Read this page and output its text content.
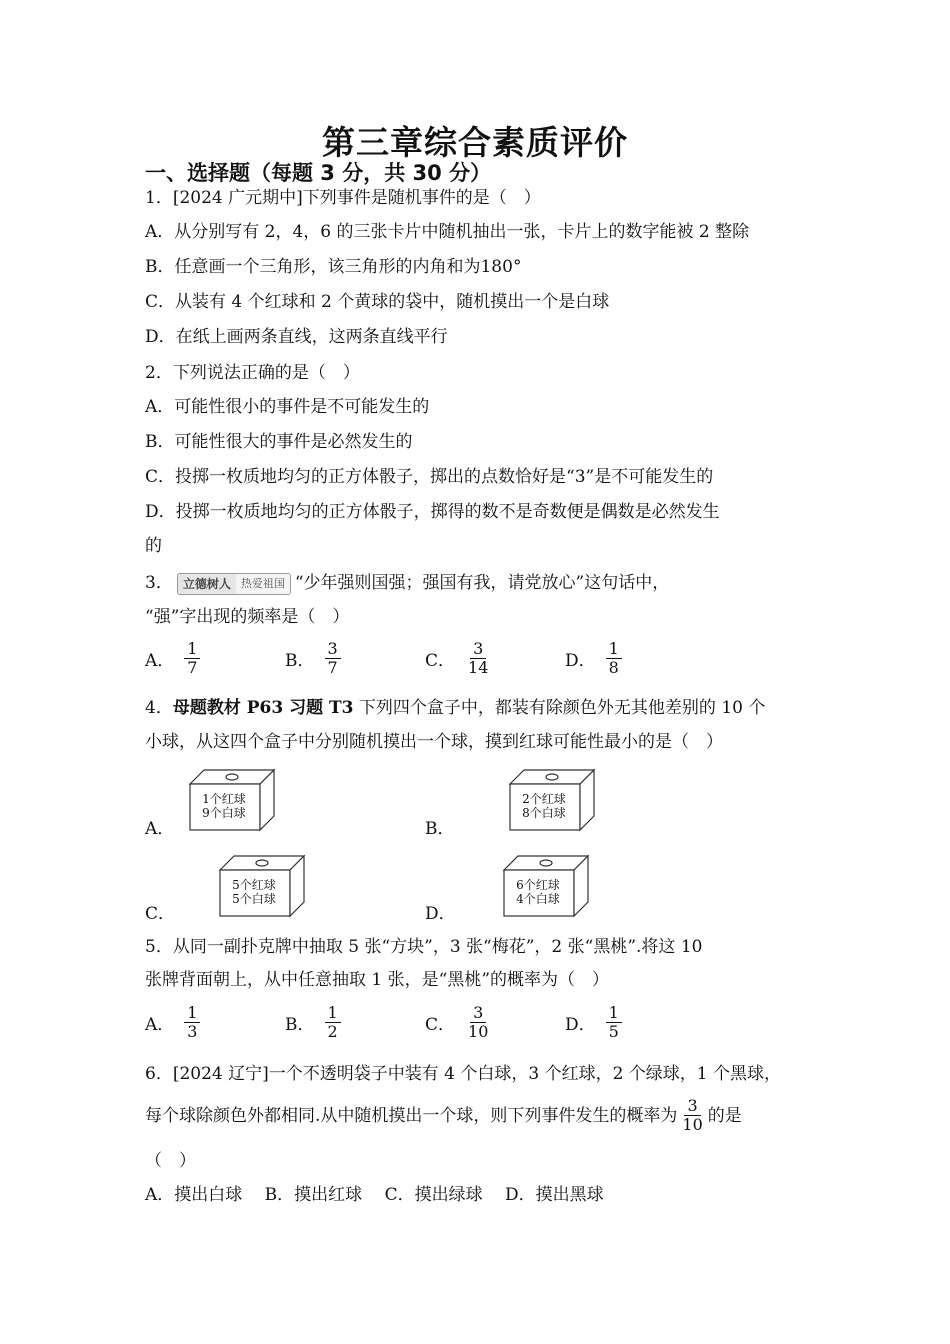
第三章综合素质评价
一、选择题（每题 3 分，共 30 分）
1．[2024 广元期中]下列事件是随机事件的是（　）
A．从分别写有 2，4，6 的三张卡片中随机抽出一张，卡片上的数字能被 2 整除
B．任意画一个三角形，该三角形的内角和为180°
C．从装有 4 个红球和 2 个黄球的袋中，随机摸出一个是白球
D．在纸上画两条直线，这两条直线平行
2．下列说法正确的是（　）
A．可能性很小的事件是不可能发生的
B．可能性很大的事件是必然发生的
C．投掷一枚质地均匀的正方体骰子，掷出的点数恰好是“3”是不可能发生的
D．投掷一枚质地均匀的正方体骰子，掷得的数不是奇数便是偶数是必然发生
的
3． 立德树人 热爱祖国 “少年强则国强；强国有我，请党放心”这句话中，
“强”字出现的频率是（　）
A． $\frac{1}{7}$	B． $\frac{3}{7}$	C． $\frac{3}{14}$	D． $\frac{1}{8}$
4．母题教材 P63 习题 T3 下列四个盒子中，都装有除颜色外无其他差别的 10 个
小球，从这四个盒子中分别随机摸出一个球，摸到红球可能性最小的是（　）
A．
1个红球
9个白球
B．
2个红球
8个白球
C．
5个红球
5个白球
D．
6个红球
4个白球
5．从同一副扑克牌中抽取 5 张“方块”，3 张“梅花”，2 张“黑桃”.将这 10
张牌背面朝上，从中任意抽取 1 张，是“黑桃”的概率为（　）
A． $\frac{1}{3}$	B． $\frac{1}{2}$	C． $\frac{3}{10}$	D． $\frac{1}{5}$
6．[2024 辽宁]一个不透明袋子中装有 4 个白球，3 个红球，2 个绿球，1 个黑球，
每个球除颜色外都相同.从中随机摸出一个球，则下列事件发生的概率为 $\frac{3}{10}$ 的是
（　）
A．摸出白球　 B．摸出红球　 C．摸出绿球　 D．摸出黑球
